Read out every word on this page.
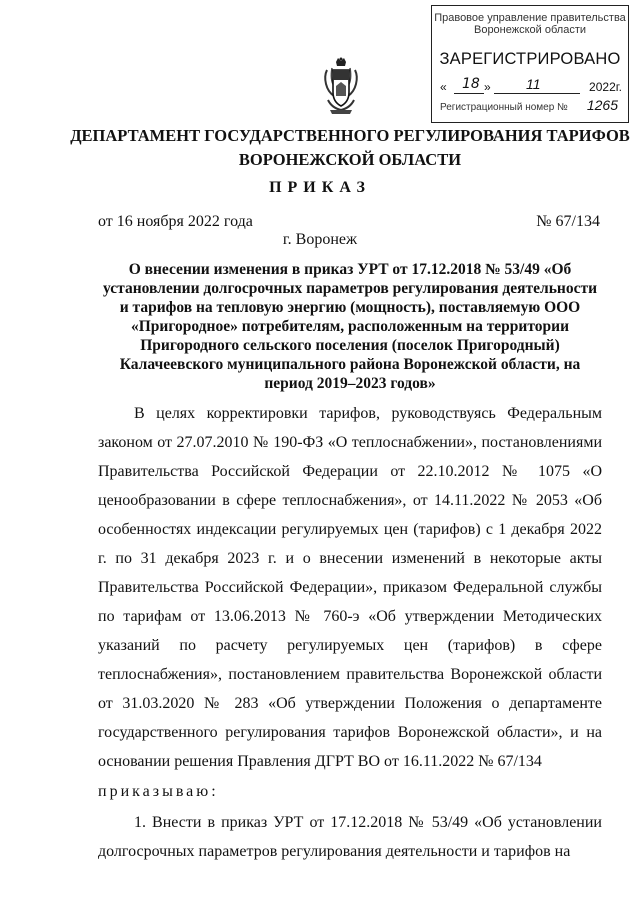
Правовое управление правительства
Воронежской области
ЗАРЕГИСТРИРОВАНО
« 18 »	11	2022г.
Регистрационный номер № 1265
ДЕПАРТАМЕНТ ГОСУДАРСТВЕННОГО РЕГУЛИРОВАНИЯ ТАРИФОВ ВОРОНЕЖСКОЙ ОБЛАСТИ
ПРИКАЗ
от 16 ноября 2022 года	№ 67/134
г. Воронеж
О внесении изменения в приказ УРТ от 17.12.2018 № 53/49 «Об установлении долгосрочных параметров регулирования деятельности и тарифов на тепловую энергию (мощность), поставляемую ООО «Пригородное» потребителям, расположенным на территории Пригородного сельского поселения (поселок Пригородный) Калачеевского муниципального района Воронежской области, на период 2019–2023 годов»

В целях корректировки тарифов, руководствуясь Федеральным законом от 27.07.2010 № 190-ФЗ «О теплоснабжении», постановлениями Правительства Российской Федерации от 22.10.2012 № 1075 «О ценообразовании в сфере теплоснабжения», от 14.11.2022 № 2053 «Об особенностях индексации регулируемых цен (тарифов) с 1 декабря 2022 г. по 31 декабря 2023 г. и о внесении изменений в некоторые акты Правительства Российской Федерации», приказом Федеральной службы по тарифам от 13.06.2013 № 760-э «Об утверждении Методических указаний по расчету регулируемых цен (тарифов) в сфере теплоснабжения», постановлением правительства Воронежской области от 31.03.2020 № 283 «Об утверждении Положения о департаменте государственного регулирования тарифов Воронежской области», и на основании решения Правления ДГРТ ВО от 16.11.2022 № 67/134

приказываю:

1. Внести в приказ УРТ от 17.12.2018 № 53/49 «Об установлении долгосрочных параметров регулирования деятельности и тарифов на
